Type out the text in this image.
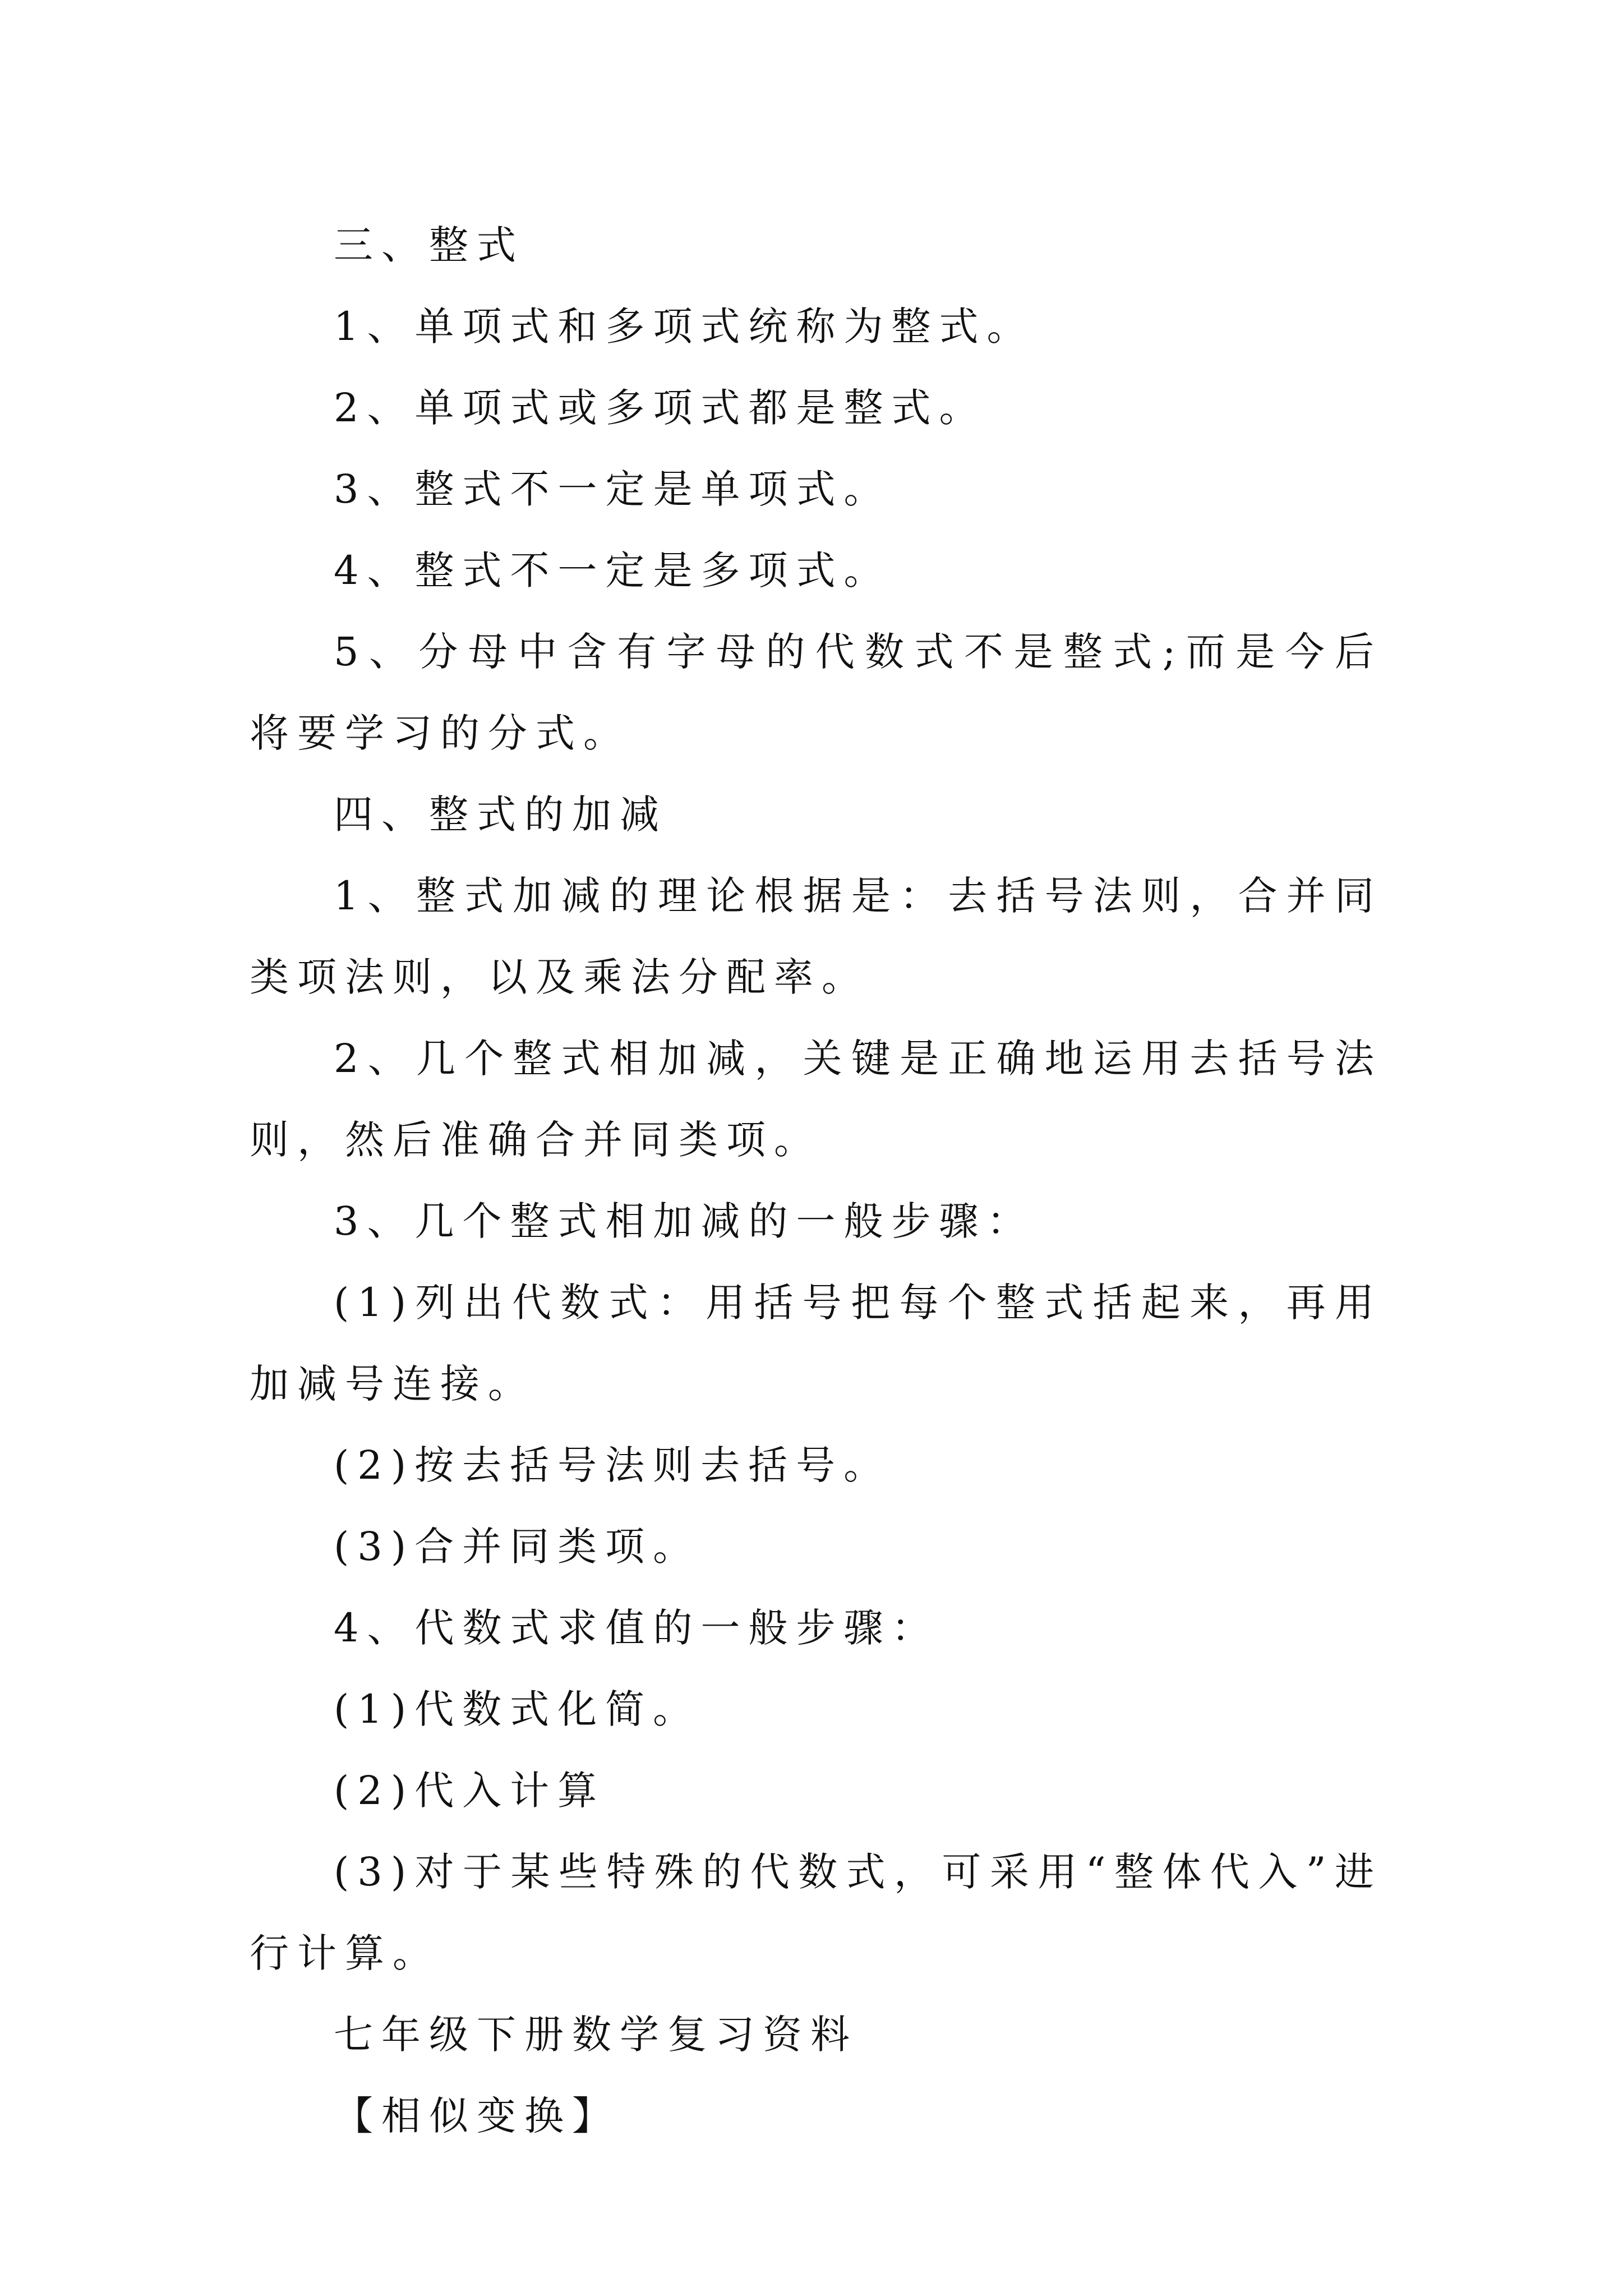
三、整式

1、单项式和多项式统称为整式。

2、单项式或多项式都是整式。

3、整式不一定是单项式。

4、整式不一定是多项式。

5、分母中含有字母的代数式不是整式;而是今后将要学习的分式。

四、整式的加减

1、整式加减的理论根据是：去括号法则，合并同类项法则，以及乘法分配率。

2、几个整式相加减，关键是正确地运用去括号法则，然后准确合并同类项。

3、几个整式相加减的一般步骤：

(1)列出代数式：用括号把每个整式括起来，再用加减号连接。

(2)按去括号法则去括号。

(3)合并同类项。

4、代数式求值的一般步骤：

(1)代数式化简。

(2)代入计算

(3)对于某些特殊的代数式，可采用“整体代入”进行计算。

七年级下册数学复习资料

【相似变换】
